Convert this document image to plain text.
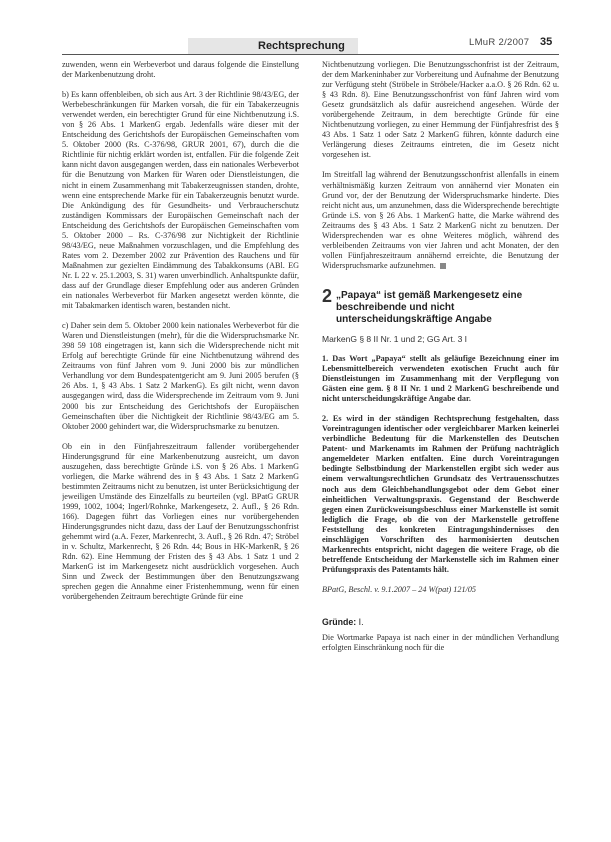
Rechtsprechung	LMuR 2/2007 35

zuwenden, wenn ein Werbeverbot und daraus folgende die Einstellung der Markenbenutzung droht.

b) Es kann offenbleiben, ob sich aus Art. 3 der Richtlinie 98/43/EG, der Werbebeschränkungen für Marken vorsah, die für ein Tabakerzeugnis verwendet werden, ein berechtigter Grund für eine Nichtbenutzung i.S. von § 26 Abs. 1 MarkenG ergab. Jedenfalls wäre dieser mit der Entscheidung des Gerichtshofs der Europäischen Gemeinschaften vom 5. Oktober 2000 (Rs. C-376/98, GRUR 2001, 67), durch die die Richtlinie für nichtig erklärt worden ist, entfallen. Für die folgende Zeit kann nicht davon ausgegangen werden, dass ein nationales Werbeverbot für die Benutzung von Marken für Waren oder Dienstleistungen, die nicht in einem Zusammenhang mit Tabakerzeugnissen standen, drohte, wenn eine entsprechende Marke für ein Tabakerzeugnis benutzt wurde. Die Ankündigung des für Gesundheits- und Verbraucherschutz zuständigen Kommissars der Europäischen Gemeinschaft nach der Entscheidung des Gerichtshofs der Europäischen Gemeinschaften vom 5. Oktober 2000 – Rs. C-376/98 zur Nichtigkeit der Richtlinie 98/43/EG, neue Maßnahmen vorzuschlagen, und die Empfehlung des Rates vom 2. Dezember 2002 zur Prävention des Rauchens und für Maßnahmen zur gezielten Eindämmung des Tabakkonsums (ABl. EG Nr. L 22 v. 25.1.2003, S. 31) waren unverbindlich. Anhaltspunkte dafür, dass auf der Grundlage dieser Empfehlung oder aus anderen Gründen ein nationales Werbeverbot für Marken angesetzt werden könnte, die mit Tabakmarken identisch waren, bestanden nicht.

c) Daher sein dem 5. Oktober 2000 kein nationales Werbeverbot für die Waren und Dienstleistungen (mehr), für die die Widerspruchsmarke Nr. 398 59 108 eingetragen ist, kann sich die Widersprechende nicht mit Erfolg auf berechtigte Gründe für eine Nichtbenutzung während des Zeitraums von fünf Jahren vom 9. Juni 2000 bis zur mündlichen Verhandlung vor dem Bundespatentgericht am 9. Juni 2005 berufen (§ 26 Abs. 1, § 43 Abs. 1 Satz 2 MarkenG). Es gilt nicht, wenn davon ausgegangen wird, dass die Widersprechende im Zeitraum vom 9. Juni 2000 bis zur Entscheidung des Gerichtshofs der Europäischen Gemeinschaften über die Nichtigkeit der Richtlinie 98/43/EG am 5. Oktober 2000 gehindert war, die Widerspruchsmarke zu benutzen.

Ob ein in den Fünfjahreszeitraum fallender vorübergehender Hinderungsgrund für eine Markenbenutzung ausreicht, um davon auszugehen, dass berechtigte Gründe i.S. von § 26 Abs. 1 MarkenG vorliegen, die Marke während des in § 43 Abs. 1 Satz 2 MarkenG bestimmten Zeitraums nicht zu benutzen, ist unter Berücksichtigung der jeweiligen Umstände des Einzelfalls zu beurteilen (vgl. BPatG GRUR 1999, 1002, 1004; Ingerl/Rohnke, Markengesetz, 2. Aufl., § 26 Rdn. 166). Dagegen führt das Vorliegen eines nur vorübergehenden Hinderungsgrundes nicht dazu, dass der Lauf der Benutzungsschonfrist gehemmt wird (a.A. Fezer, Markenrecht, 3. Aufl., § 26 Rdn. 47; Ströbel in v. Schultz, Markenrecht, § 26 Rdn. 44; Bous in HK-MarkenR, § 26 Rdn. 62). Eine Hemmung der Fristen des § 43 Abs. 1 Satz 1 und 2 MarkenG ist im Markengesetz nicht ausdrücklich vorgesehen. Auch Sinn und Zweck der Bestimmungen über den Benutzungszwang sprechen gegen die Annahme einer Fristenhemmung, wenn für einen vorübergehenden Zeitraum berechtigte Gründe für eine

Nichtbenutzung vorliegen. Die Benutzungsschonfrist ist der Zeitraum, der dem Markeninhaber zur Vorbereitung und Aufnahme der Benutzung zur Verfügung steht (Ströbele in Ströbele/Hacker a.a.O. § 26 Rdn. 62 u. § 43 Rdn. 8). Eine Benutzungsschonfrist von fünf Jahren wird vom Gesetz grundsätzlich als dafür ausreichend angesehen. Würde der vorübergehende Zeitraum, in dem berechtigte Gründe für eine Nichtbenutzung vorliegen, zu einer Hemmung der Fünfjahresfrist des § 43 Abs. 1 Satz 1 oder Satz 2 MarkenG führen, könnte dadurch eine Verlängerung dieses Zeitraums eintreten, die im Gesetz nicht vorgesehen ist.

Im Streitfall lag während der Benutzungsschonfrist allenfalls in einem verhältnismäßig kurzen Zeitraum von annähernd vier Monaten ein Grund vor, der der Benutzung der Widerspruchsmarke hinderte. Dies reicht nicht aus, um anzunehmen, dass die Widersprechende berechtigte Gründe i.S. von § 26 Abs. 1 MarkenG hatte, die Marke während des Zeitraums des § 43 Abs. 1 Satz 2 MarkenG nicht zu benutzen. Der Widersprechenden war es ohne Weiteres möglich, während des verbleibenden Zeitraums von vier Jahren und acht Monaten, der den vollen Fünfjahreszeitraum annähernd erreichte, die Benutzung der Widerspruchsmarke aufzunehmen.

2 „Papaya“ ist gemäß Markengesetz eine beschreibende und nicht unterscheidungskräftige Angabe
MarkenG § 8 II Nr. 1 und 2; GG Art. 3 I

1. Das Wort „Papaya“ stellt als geläufige Bezeichnung einer im Lebensmittelbereich verwendeten exotischen Frucht auch für Dienstleistungen im Zusammenhang mit der Verpflegung von Gästen eine gem. § 8 II Nr. 1 und 2 MarkenG beschreibende und nicht unterscheidungskräftige Angabe dar.

2. Es wird in der ständigen Rechtsprechung festgehalten, dass Voreintragungen identischer oder vergleichbarer Marken keinerlei verbindliche Bedeutung für die Markenstellen des Deutschen Patent- und Markenamts im Rahmen der Prüfung nachträglich angemeldeter Marken entfalten. Eine durch Voreintragungen bedingte Selbstbindung der Markenstellen ergibt sich weder aus einem verwaltungsrechtlichen Grundsatz des Vertrauensschutzes noch aus dem Gleichbehandlungsgebot oder dem Gebot einer einheitlichen Verwaltungspraxis. Gegenstand der Beschwerde gegen einen Zurückweisungsbeschluss einer Markenstelle ist somit lediglich die Frage, ob die von der Markenstelle getroffene Feststellung des konkreten Eintragungshindernisses den einschlägigen Vorschriften des harmonisierten deutschen Markenrechts entspricht, nicht dagegen die weitere Frage, ob die betreffende Entscheidung der Markenstelle sich im Rahmen einer Prüfungspraxis des Patentamts hält.

BPatG, Beschl. v. 9.1.2007 – 24 W(pat) 121/05
Gründe: I.

Die Wortmarke Papaya ist nach einer in der mündlichen Verhandlung erfolgten Einschränkung noch für die
